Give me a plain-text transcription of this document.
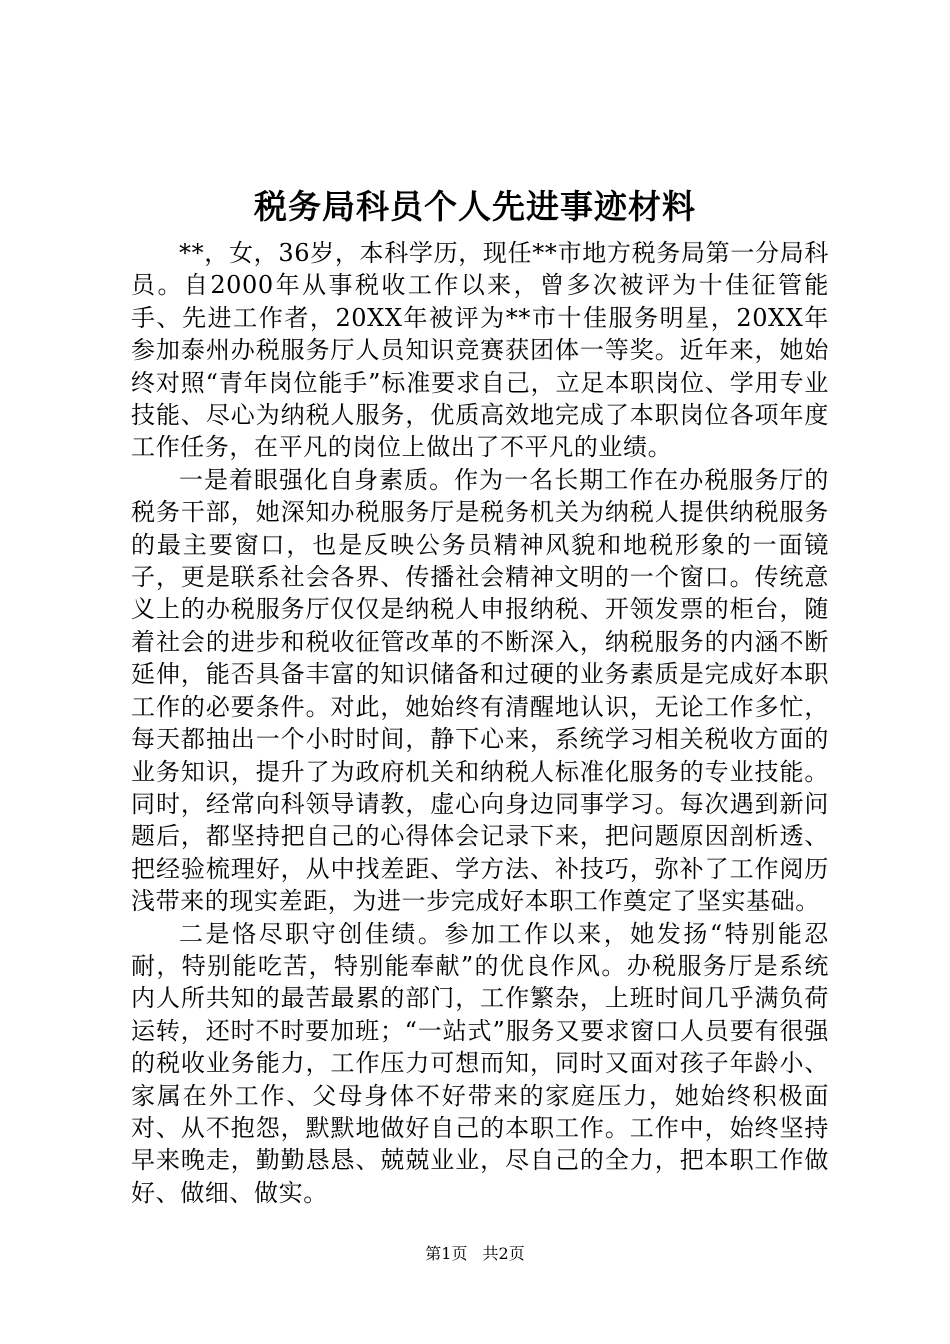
税务局科员个人先进事迹材料

**，女，36岁，本科学历，现任**市地方税务局第一分局科员。自2000年从事税收工作以来，曾多次被评为十佳征管能手、先进工作者，20XX年被评为**市十佳服务明星，20XX年参加泰州办税服务厅人员知识竞赛获团体一等奖。近年来，她始终对照“青年岗位能手”标准要求自己，立足本职岗位、学用专业技能、尽心为纳税人服务，优质高效地完成了本职岗位各项年度工作任务，在平凡的岗位上做出了不平凡的业绩。

一是着眼强化自身素质。作为一名长期工作在办税服务厅的税务干部，她深知办税服务厅是税务机关为纳税人提供纳税服务的最主要窗口，也是反映公务员精神风貌和地税形象的一面镜子，更是联系社会各界、传播社会精神文明的一个窗口。传统意义上的办税服务厅仅仅是纳税人申报纳税、开领发票的柜台，随着社会的进步和税收征管改革的不断深入，纳税服务的内涵不断延伸，能否具备丰富的知识储备和过硬的业务素质是完成好本职工作的必要条件。对此，她始终有清醒地认识，无论工作多忙，每天都抽出一个小时时间，静下心来，系统学习相关税收方面的业务知识，提升了为政府机关和纳税人标准化服务的专业技能。同时，经常向科领导请教，虚心向身边同事学习。每次遇到新问题后，都坚持把自己的心得体会记录下来，把问题原因剖析透、把经验梳理好，从中找差距、学方法、补技巧，弥补了工作阅历浅带来的现实差距，为进一步完成好本职工作奠定了坚实基础。

二是恪尽职守创佳绩。参加工作以来，她发扬“特别能忍耐，特别能吃苦，特别能奉献”的优良作风。办税服务厅是系统内人所共知的最苦最累的部门，工作繁杂，上班时间几乎满负荷运转，还时不时要加班；“一站式”服务又要求窗口人员要有很强的税收业务能力，工作压力可想而知，同时又面对孩子年龄小、家属在外工作、父母身体不好带来的家庭压力，她始终积极面对、从不抱怨，默默地做好自己的本职工作。工作中，始终坚持早来晚走，勤勤恳恳、兢兢业业，尽自己的全力，把本职工作做好、做细、做实。

第1页 共2页
